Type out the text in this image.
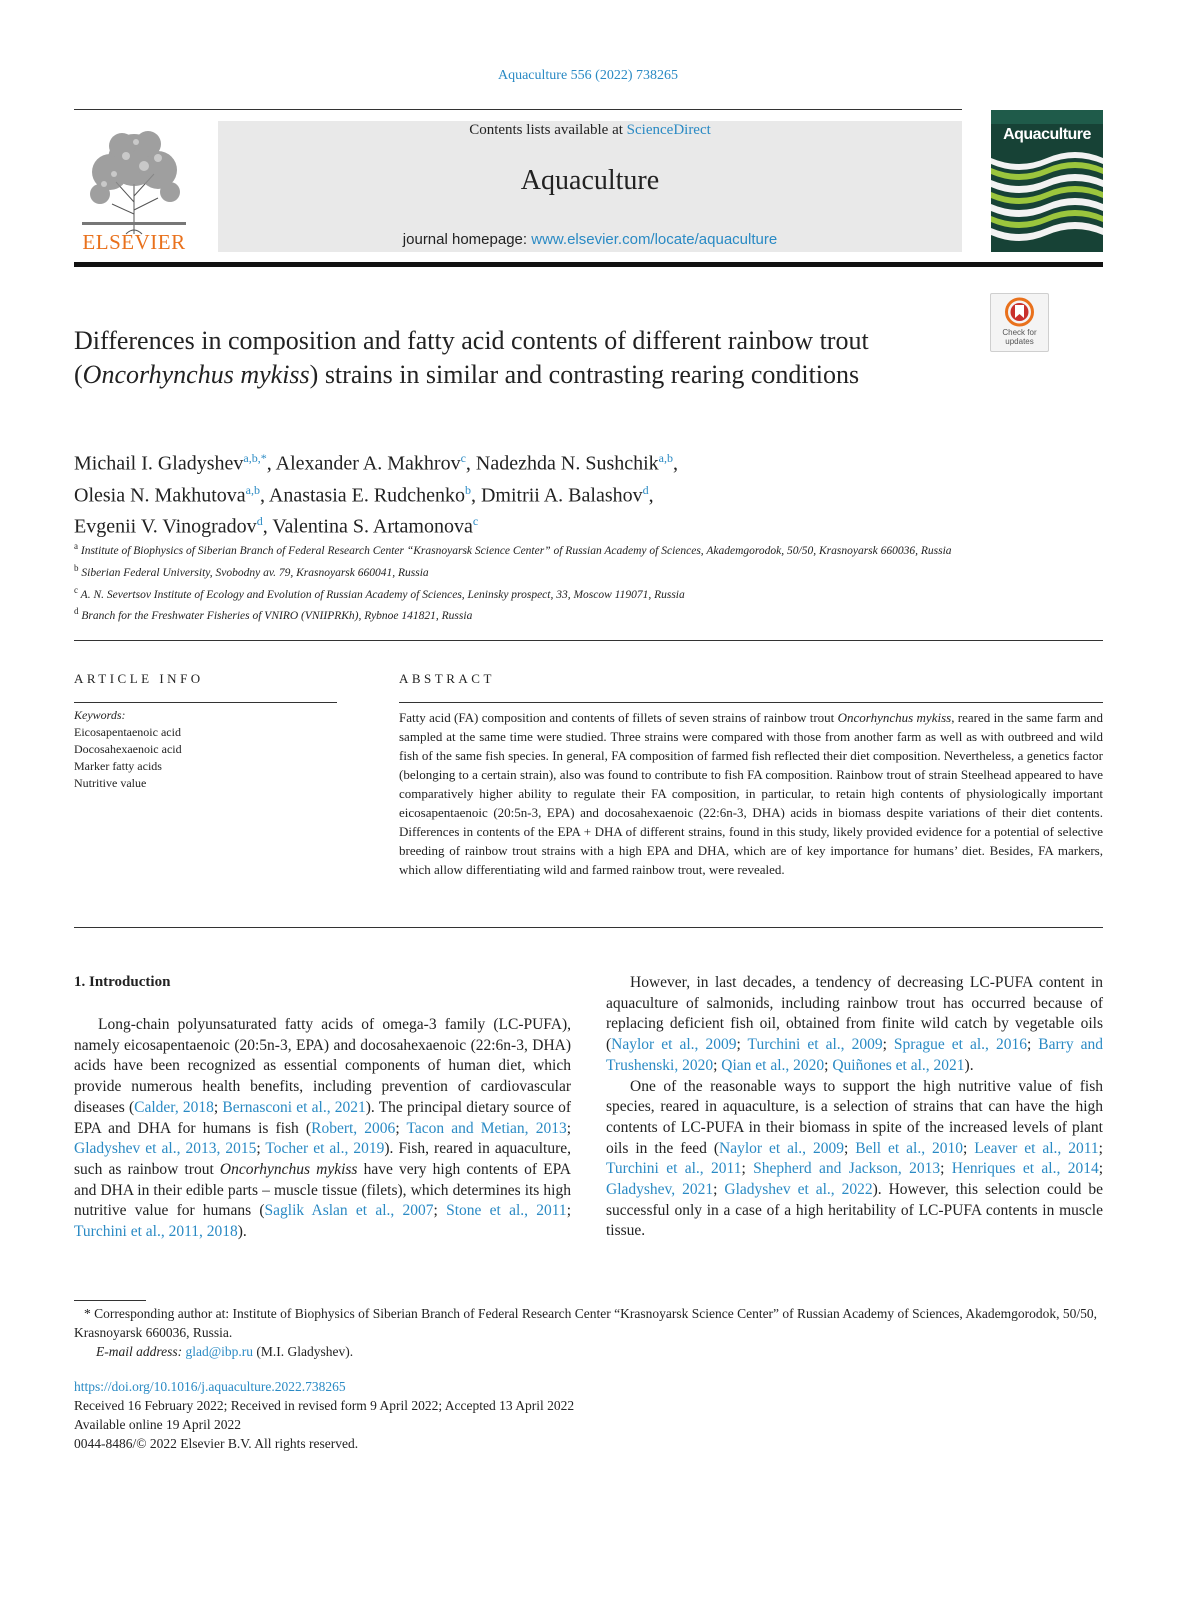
Aquaculture 556 (2022) 738265
ELSEVIER
Contents lists available at ScienceDirect
Aquaculture
journal homepage: www.elsevier.com/locate/aquaculture
Aquaculture
Check for updates
Differences in composition and fatty acid contents of different rainbow trout (Oncorhynchus mykiss) strains in similar and contrasting rearing conditions
Michail I. Gladyshev$^{a,b,*}$, Alexander A. Makhrov$^c$, Nadezhda N. Sushchik$^{a,b}$,
Olesia N. Makhutova$^{a,b}$, Anastasia E. Rudchenko$^b$, Dmitrii A. Balashov$^d$,
Evgenii V. Vinogradov$^d$, Valentina S. Artamonova$^c$
$^a$ Institute of Biophysics of Siberian Branch of Federal Research Center “Krasnoyarsk Science Center” of Russian Academy of Sciences, Akademgorodok, 50/50, Krasnoyarsk 660036, Russia
$^b$ Siberian Federal University, Svobodny av. 79, Krasnoyarsk 660041, Russia
$^c$ A. N. Severtsov Institute of Ecology and Evolution of Russian Academy of Sciences, Leninsky prospect, 33, Moscow 119071, Russia
$^d$ Branch for the Freshwater Fisheries of VNIRO (VNIIPRKh), Rybnoe 141821, Russia
ARTICLE INFO
Keywords:
Eicosapentaenoic acid
Docosahexaenoic acid
Marker fatty acids
Nutritive value
ABSTRACT
Fatty acid (FA) composition and contents of fillets of seven strains of rainbow trout Oncorhynchus mykiss, reared in the same farm and sampled at the same time were studied. Three strains were compared with those from another farm as well as with outbreed and wild fish of the same fish species. In general, FA composition of farmed fish reflected their diet composition. Nevertheless, a genetics factor (belonging to a certain strain), also was found to contribute to fish FA composition. Rainbow trout of strain Steelhead appeared to have comparatively higher ability to regulate their FA composition, in particular, to retain high contents of physiologically important eicosapentaenoic (20:5n-3, EPA) and docosahexaenoic (22:6n-3, DHA) acids in biomass despite variations of their diet contents. Differences in contents of the EPA + DHA of different strains, found in this study, likely provided evidence for a potential of selective breeding of rainbow trout strains with a high EPA and DHA, which are of key importance for humans’ diet. Besides, FA markers, which allow differentiating wild and farmed rainbow trout, were revealed.
1. Introduction

Long-chain polyunsaturated fatty acids of omega-3 family (LC-PUFA), namely eicosapentaenoic (20:5n-3, EPA) and docosahexaenoic (22:6n-3, DHA) acids have been recognized as essential components of human diet, which provide numerous health benefits, including prevention of cardiovascular diseases (Calder, 2018; Bernasconi et al., 2021). The principal dietary source of EPA and DHA for humans is fish (Robert, 2006; Tacon and Metian, 2013; Gladyshev et al., 2013, 2015; Tocher et al., 2019). Fish, reared in aquaculture, such as rainbow trout Oncorhynchus mykiss have very high contents of EPA and DHA in their edible parts – muscle tissue (filets), which determines its high nutritive value for humans (Saglik Aslan et al., 2007; Stone et al., 2011; Turchini et al., 2011, 2018).

However, in last decades, a tendency of decreasing LC-PUFA content in aquaculture of salmonids, including rainbow trout has occurred because of replacing deficient fish oil, obtained from finite wild catch by vegetable oils (Naylor et al., 2009; Turchini et al., 2009; Sprague et al., 2016; Barry and Trushenski, 2020; Qian et al., 2020; Quiñones et al., 2021).

One of the reasonable ways to support the high nutritive value of fish species, reared in aquaculture, is a selection of strains that can have the high contents of LC-PUFA in their biomass in spite of the increased levels of plant oils in the feed (Naylor et al., 2009; Bell et al., 2010; Leaver et al., 2011; Turchini et al., 2011; Shepherd and Jackson, 2013; Henriques et al., 2014; Gladyshev, 2021; Gladyshev et al., 2022). However, this selection could be successful only in a case of a high heritability of LC-PUFA contents in muscle tissue.

* Corresponding author at: Institute of Biophysics of Siberian Branch of Federal Research Center “Krasnoyarsk Science Center” of Russian Academy of Sciences, Akademgorodok, 50/50, Krasnoyarsk 660036, Russia.
E-mail address: glad@ibp.ru (M.I. Gladyshev).
https://doi.org/10.1016/j.aquaculture.2022.738265
Received 16 February 2022; Received in revised form 9 April 2022; Accepted 13 April 2022
Available online 19 April 2022
0044-8486/© 2022 Elsevier B.V. All rights reserved.
